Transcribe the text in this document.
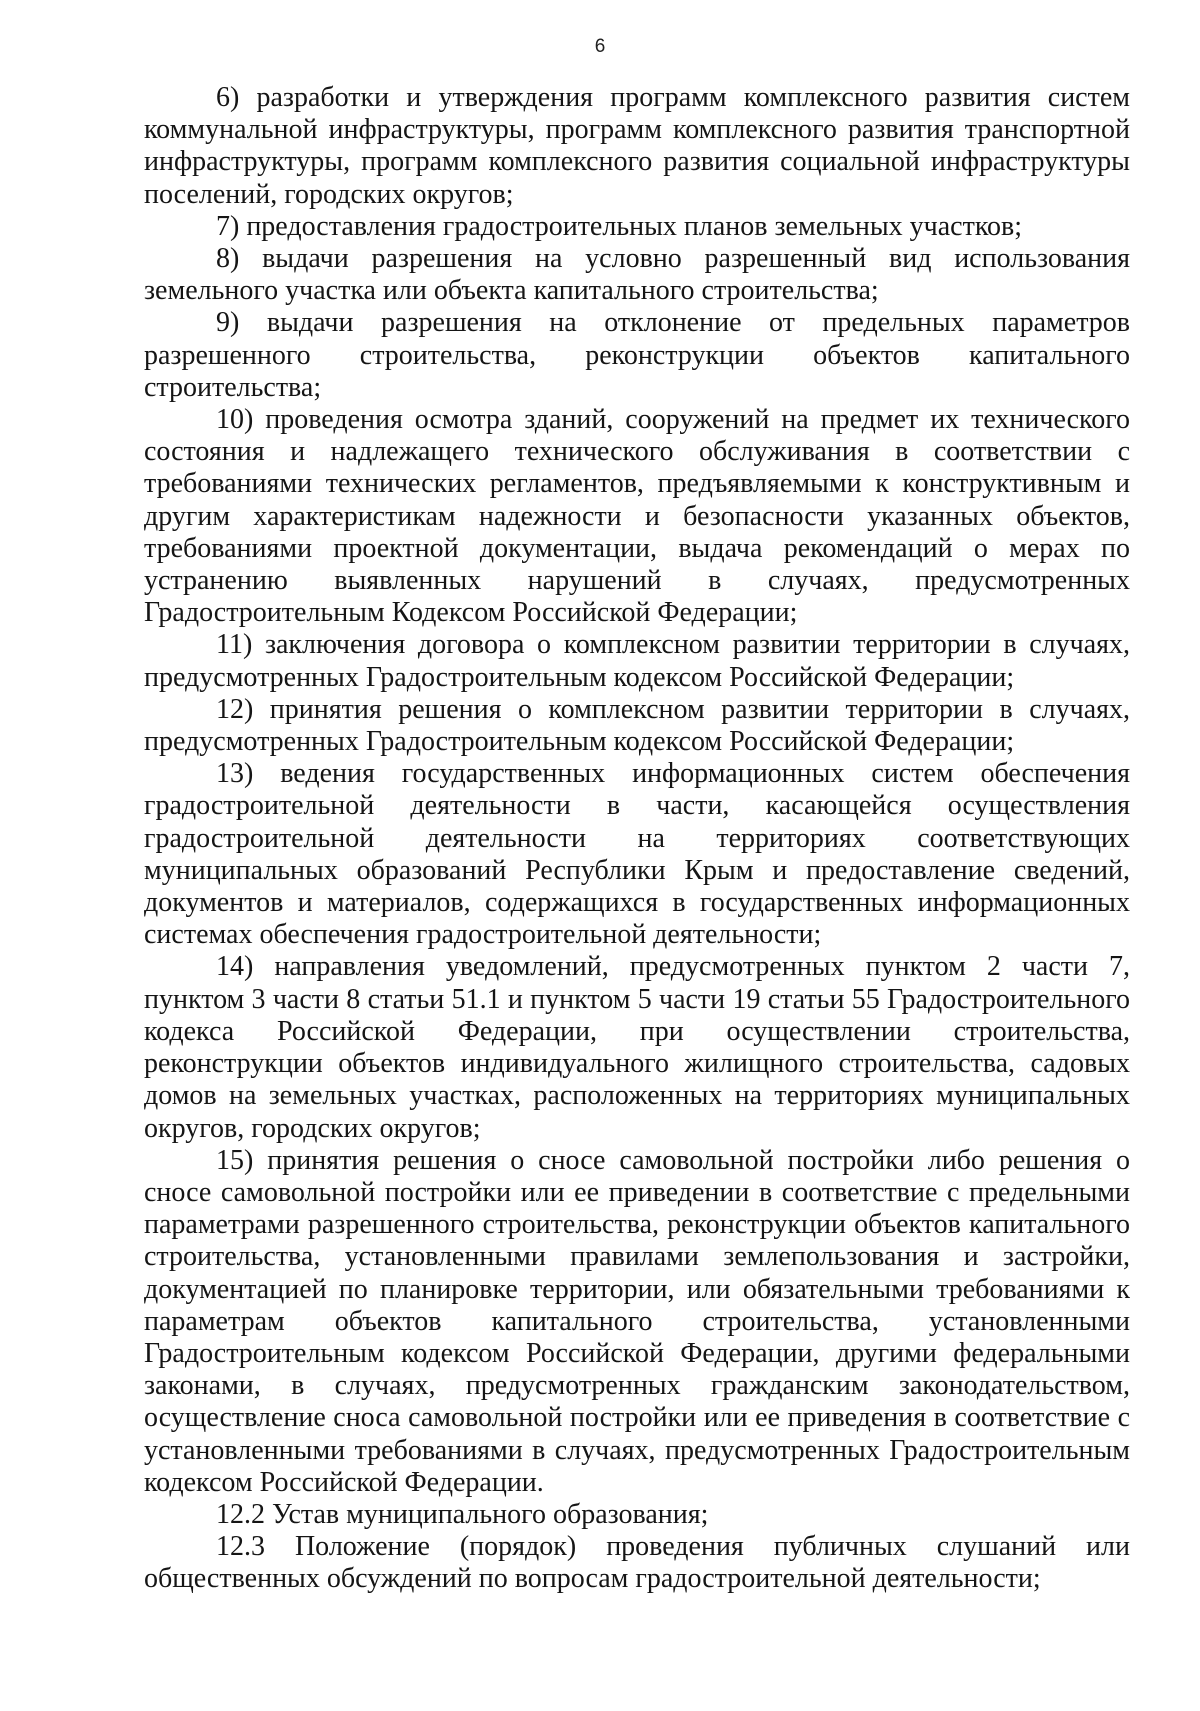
6

6) разработки и утверждения программ комплексного развития систем коммунальной инфраструктуры, программ комплексного развития транспортной инфраструктуры, программ комплексного развития социальной инфраструктуры поселений, городских округов;

7) предоставления градостроительных планов земельных участков;

8) выдачи разрешения на условно разрешенный вид использования земельного участка или объекта капитального строительства;

9) выдачи разрешения на отклонение от предельных параметров разрешенного строительства, реконструкции объектов капитального строительства;

10) проведения осмотра зданий, сооружений на предмет их технического состояния и надлежащего технического обслуживания в соответствии с требованиями технических регламентов, предъявляемыми к конструктивным и другим характеристикам надежности и безопасности указанных объектов, требованиями проектной документации, выдача рекомендаций о мерах по устранению выявленных нарушений в случаях, предусмотренных Градостроительным Кодексом Российской Федерации;

11) заключения договора о комплексном развитии территории в случаях, предусмотренных Градостроительным кодексом Российской Федерации;

12) принятия решения о комплексном развитии территории в случаях, предусмотренных Градостроительным кодексом Российской Федерации;

13) ведения государственных информационных систем обеспечения градостроительной деятельности в части, касающейся осуществления градостроительной деятельности на территориях соответствующих муниципальных образований Республики Крым и предоставление сведений, документов и материалов, содержащихся в государственных информационных системах обеспечения градостроительной деятельности;

14) направления уведомлений, предусмотренных пунктом 2 части 7, пунктом 3 части 8 статьи 51.1 и пунктом 5 части 19 статьи 55 Градостроительного кодекса Российской Федерации, при осуществлении строительства, реконструкции объектов индивидуального жилищного строительства, садовых домов на земельных участках, расположенных на территориях муниципальных округов, городских округов;

15) принятия решения о сносе самовольной постройки либо решения о сносе самовольной постройки или ее приведении в соответствие с предельными параметрами разрешенного строительства, реконструкции объектов капитального строительства, установленными правилами землепользования и застройки, документацией по планировке территории, или обязательными требованиями к параметрам объектов капитального строительства, установленными Градостроительным кодексом Российской Федерации, другими федеральными законами, в случаях, предусмотренных гражданским законодательством, осуществление сноса самовольной постройки или ее приведения в соответствие с установленными требованиями в случаях, предусмотренных Градостроительным кодексом Российской Федерации.

12.2 Устав муниципального образования;

12.3 Положение (порядок) проведения публичных слушаний или общественных обсуждений по вопросам градостроительной деятельности;
